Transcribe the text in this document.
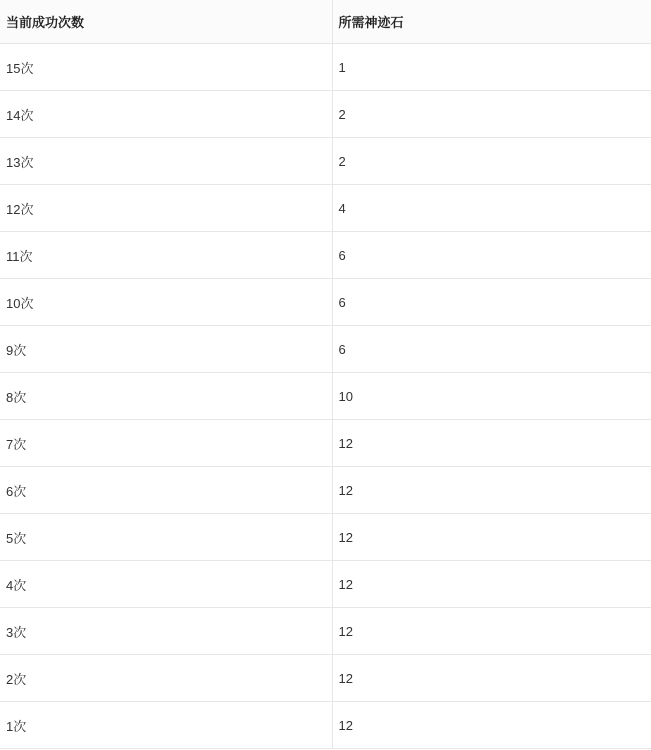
当前成功次数	所需神迹石
15次	1
14次	2
13次	2
12次	4
11次	6
10次	6
9次	6
8次	10
7次	12
6次	12
5次	12
4次	12
3次	12
2次	12
1次	12
